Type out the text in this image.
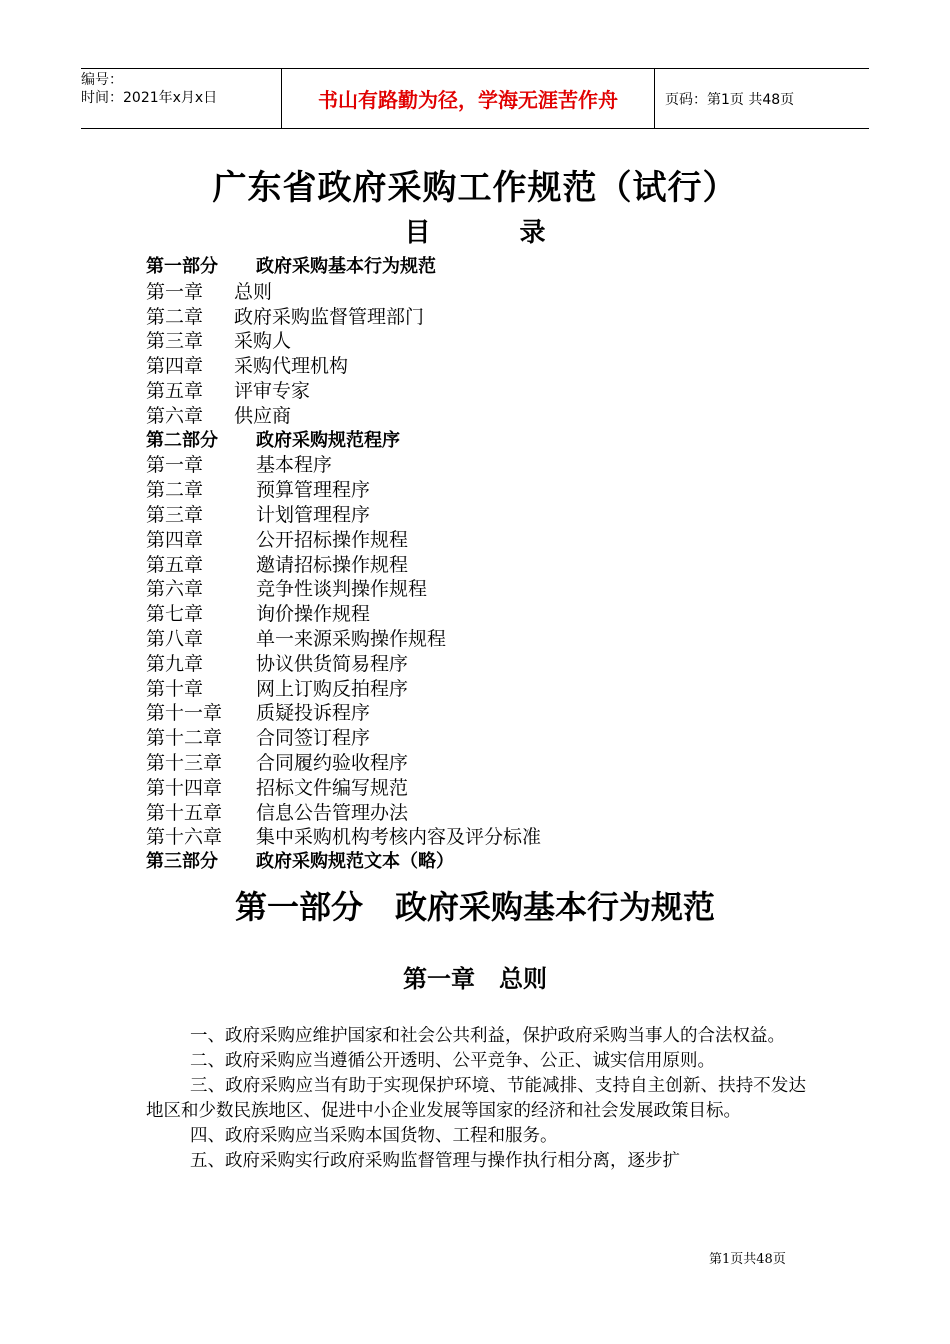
编号：
时间：2021年x月x日	书山有路勤为径，学海无涯苦作舟	页码：第1页 共48页
广东省政府采购工作规范（试行）
目 录
第一部分	政府采购基本行为规范
第一章	总则
第二章	政府采购监督管理部门
第三章	采购人
第四章	采购代理机构
第五章	评审专家
第六章	供应商
第二部分	政府采购规范程序
第一章	基本程序
第二章	预算管理程序
第三章	计划管理程序
第四章	公开招标操作规程
第五章	邀请招标操作规程
第六章	竞争性谈判操作规程
第七章	询价操作规程
第八章	单一来源采购操作规程
第九章	协议供货简易程序
第十章	网上订购反拍程序
第十一章	质疑投诉程序
第十二章	合同签订程序
第十三章	合同履约验收程序
第十四章	招标文件编写规范
第十五章	信息公告管理办法
第十六章	集中采购机构考核内容及评分标准
第三部分	政府采购规范文本（略）
第一部分　政府采购基本行为规范
第一章　总则
一、政府采购应维护国家和社会公共利益，保护政府采购当事人的合法权益。
二、政府采购应当遵循公开透明、公平竞争、公正、诚实信用原则。
三、政府采购应当有助于实现保护环境、节能减排、支持自主创新、扶持不发达地区和少数民族地区、促进中小企业发展等国家的经济和社会发展政策目标。
四、政府采购应当采购本国货物、工程和服务。
五、政府采购实行政府采购监督管理与操作执行相分离，逐步扩
第1页共48页
